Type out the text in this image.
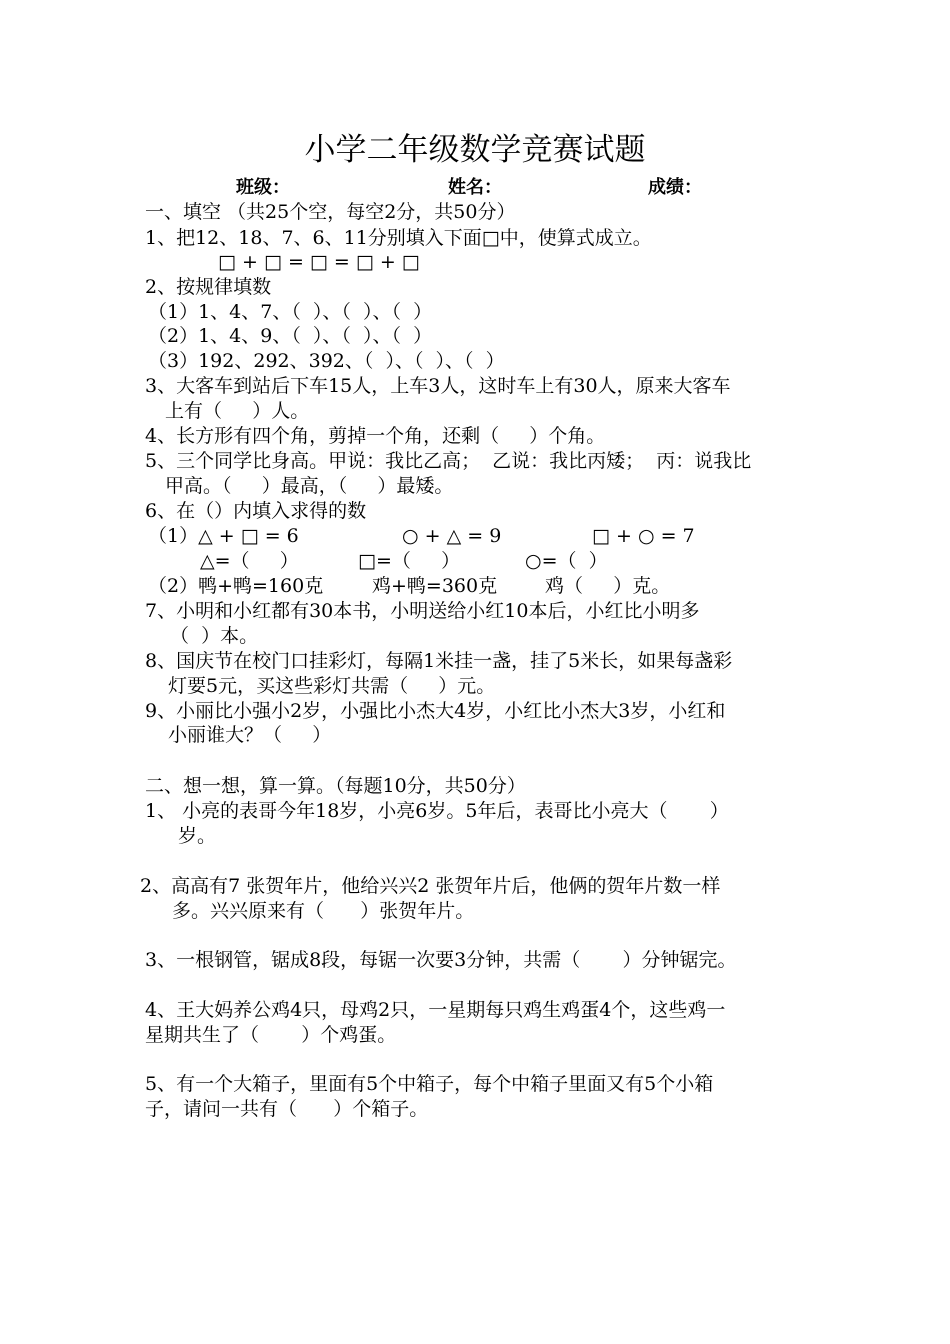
小学二年级数学竞赛试题
班级：	姓名：	成绩：
一、填空 （共25个空，每空2分，共50分）
1、把12、18、7、6、11分别填入下面□中，使算式成立。
□ + □ = □ = □ + □
2、按规律填数
（1）1、4、7、（  ）、（  ）、（  ）
（2）1、4、9、（  ）、（  ）、（  ）
（3）192、292、392、（  ）、（  ）、（  ）
3、大客车到站后下车15人，上车3人，这时车上有30人，原来大客车
上有（     ）人。
4、长方形有四个角，剪掉一个角，还剩（     ）个角。
5、三个同学比身高。甲说：我比乙高；  乙说：我比丙矮；  丙：说我比
甲高。（     ）最高，（     ）最矮。
6、在（）内填入求得的数
（1）△ + □ = 6	○ + △ = 9	□ + ○ = 7
△=（     ）	□=（     ）	○=（  ）
（2）鸭+鸭=160克	鸡+鸭=360克	鸡（     ）克。
7、小明和小红都有30本书，小明送给小红10本后，小红比小明多
（  ）本。
8、国庆节在校门口挂彩灯，每隔1米挂一盏，挂了5米长，如果每盏彩
灯要5元，买这些彩灯共需（     ）元。
9、小丽比小强小2岁，小强比小杰大4岁，小红比小杰大3岁，小红和
小丽谁大？（     ）
二、想一想，算一算。（每题10分，共50分）
1、 小亮的表哥今年18岁，小亮6岁。5年后，表哥比小亮大（       ）
岁。
2、高高有7 张贺年片，他给兴兴2 张贺年片后，他俩的贺年片数一样
多。兴兴原来有（      ）张贺年片。
3、一根钢管，锯成8段，每锯一次要3分钟，共需（       ）分钟锯完。
4、王大妈养公鸡4只，母鸡2只，一星期每只鸡生鸡蛋4个，这些鸡一
星期共生了（       ）个鸡蛋。
5、有一个大箱子，里面有5个中箱子，每个中箱子里面又有5个小箱
子，请问一共有（      ）个箱子。
